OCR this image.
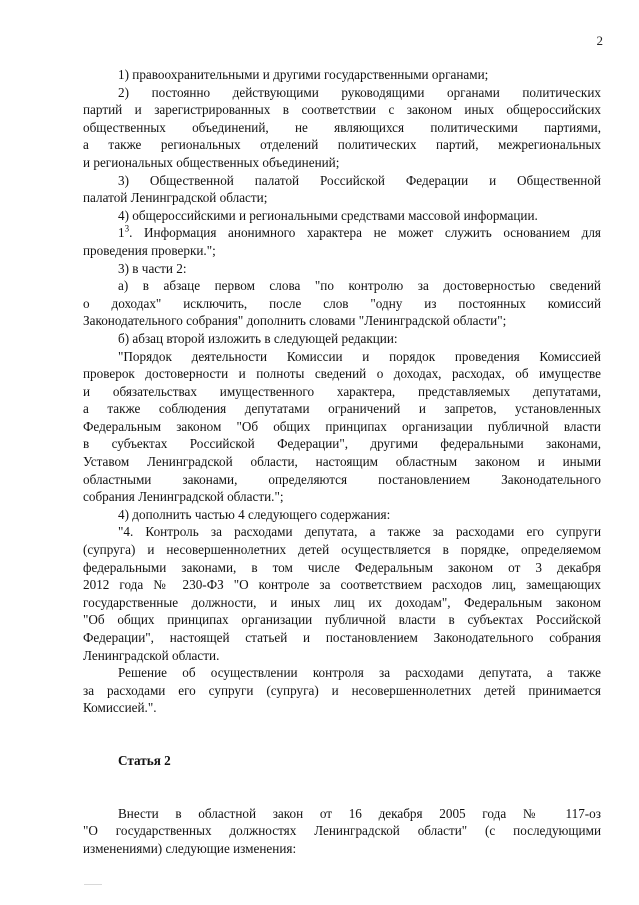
2

1) правоохранительными и другими государственными органами;

2) постоянно действующими руководящими органами политических
партий и зарегистрированных в соответствии с законом иных общероссийских
общественных объединений, не являющихся политическими партиями,
а также региональных отделений политических партий, межрегиональных
и региональных общественных объединений;

3) Общественной палатой Российской Федерации и Общественной
палатой Ленинградской области;

4) общероссийскими и региональными средствами массовой информации.

$1^3$. Информация анонимного характера не может служить основанием для
проведения проверки.";

3) в части 2:

а) в абзаце первом слова "по контролю за достоверностью сведений
о доходах" исключить, после слов "одну из постоянных комиссий
Законодательного собрания" дополнить словами "Ленинградской области";

б) абзац второй изложить в следующей редакции:

"Порядок деятельности Комиссии и порядок проведения Комиссией
проверок достоверности и полноты сведений о доходах, расходах, об имуществе
и обязательствах имущественного характера, представляемых депутатами,
а также соблюдения депутатами ограничений и запретов, установленных
Федеральным законом "Об общих принципах организации публичной власти
в субъектах Российской Федерации", другими федеральными законами,
Уставом Ленинградской области, настоящим областным законом и иными
областными законами, определяются постановлением Законодательного
собрания Ленинградской области.";

4) дополнить частью 4 следующего содержания:

"4. Контроль за расходами депутата, а также за расходами его супруги
(супруга) и несовершеннолетних детей осуществляется в порядке, определяемом
федеральными законами, в том числе Федеральным законом от 3 декабря
2012 года № 230-ФЗ "О контроле за соответствием расходов лиц, замещающих
государственные должности, и иных лиц их доходам", Федеральным законом
"Об общих принципах организации публичной власти в субъектах Российской
Федерации", настоящей статьей и постановлением Законодательного собрания
Ленинградской области.

Решение об осуществлении контроля за расходами депутата, а также
за расходами его супруги (супруга) и несовершеннолетних детей принимается
Комиссией.".

Статья 2

Внести в областной закон от 16 декабря 2005 года № 117-оз
"О государственных должностях Ленинградской области" (с последующими
изменениями) следующие изменения:
